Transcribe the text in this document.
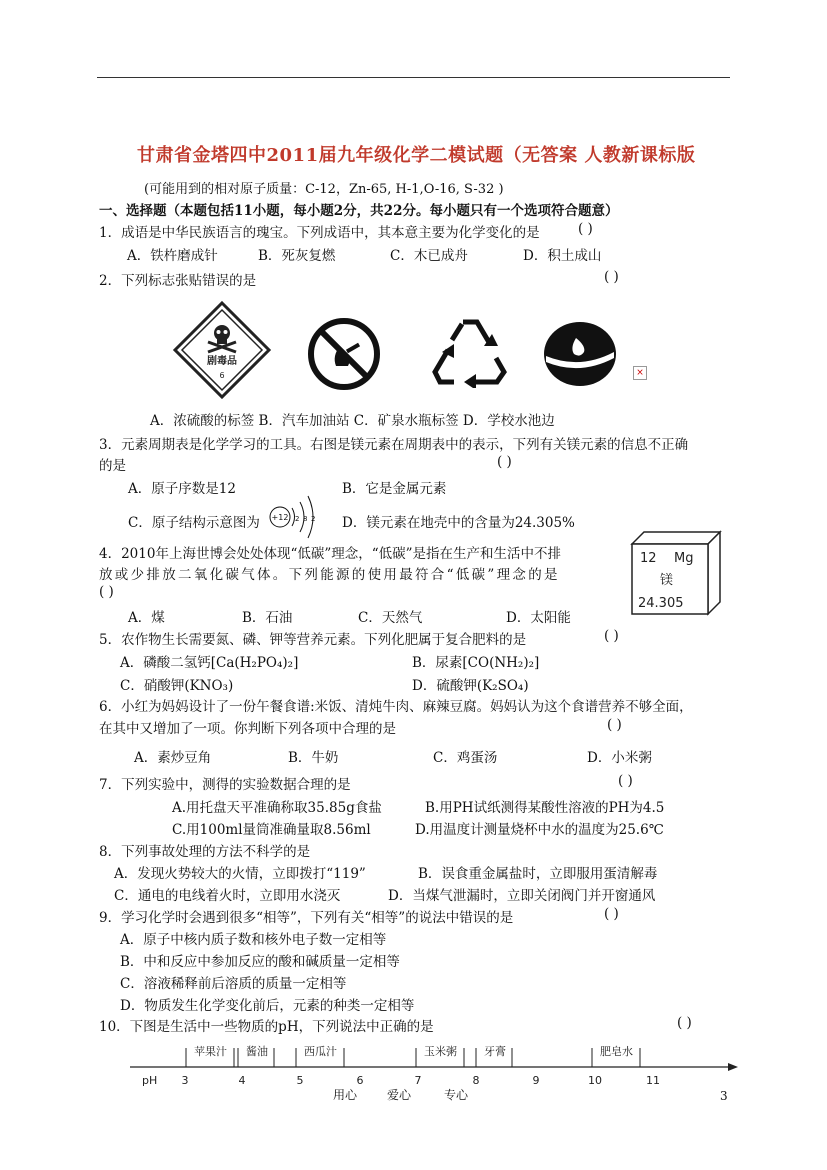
甘肃省金塔四中2011届九年级化学二模试题（无答案 人教新课标版
(可能用到的相对原子质量：C-12，Zn-65, H-1,O-16, S-32 )
一、选择题（本题包括11小题，每小题2分，共22分。每小题只有一个选项符合题意）
1．成语是中华民族语言的瑰宝。下列成语中，其本意主要为化学变化的是	( )
A．铁杵磨成针	B．死灰复燃	C．木已成舟	D．积土成山
2．下列标志张贴错误的是	( )
剧毒品
6	×
A．浓硫酸的标签 B．汽车加油站 C．矿泉水瓶标签 D．学校水池边
3．元素周期表是化学学习的工具。右图是镁元素在周期表中的表示，下列有关镁元素的信息不正确
的是	( )
A．原子序数是12	B．它是金属元素
C．原子结构示意图为 +12 2 8 2 D．镁元素在地壳中的含量为24.305%
12 Mg
镁
24.305
4．2010年上海世博会处处体现“低碳”理念，“低碳”是指在生产和生活中不排
放或少排放二氧化碳气体。下列能源的使用最符合“低碳”理念的是
( )
A．煤	B．石油	C．天然气	D．太阳能
5．农作物生长需要氮、磷、钾等营养元素。下列化肥属于复合肥料的是	( )
A．磷酸二氢钙[Ca(H₂PO₄)₂]	B．尿素[CO(NH₂)₂]
C．硝酸钾(KNO₃)	D．硫酸钾(K₂SO₄)
6．小红为妈妈设计了一份午餐食谱:米饭、清炖牛肉、麻辣豆腐。妈妈认为这个食谱营养不够全面，
在其中又增加了一项。你判断下列各项中合理的是	( )
A．素炒豆角	B．牛奶	C．鸡蛋汤	D．小米粥
7．下列实验中，测得的实验数据合理的是	( )
A.用托盘天平准确称取35.85g食盐	B.用PH试纸测得某酸性溶液的PH为4.5
C.用100ml量筒准确量取8.56ml	D.用温度计测量烧杯中水的温度为25.6℃
8．下列事故处理的方法不科学的是
A．发现火势较大的火情，立即拨打“119”	B．误食重金属盐时，立即服用蛋清解毒
C．通电的电线着火时，立即用水浇灭	D．当煤气泄漏时，立即关闭阀门并开窗通风
9．学习化学时会遇到很多“相等”，下列有关“相等”的说法中错误的是	( )
A．原子中核内质子数和核外电子数一定相等
B．中和反应中参加反应的酸和碱质量一定相等
C．溶液稀释前后溶质的质量一定相等
D．物质发生化学变化前后，元素的种类一定相等
10．下图是生活中一些物质的pH，下列说法中正确的是	( )
苹果汁 酱油	西瓜汁	玉米粥 牙膏	肥皂水
pH 3	4	5	6	7	8	9	10	11
用心 爱心	专心	3
